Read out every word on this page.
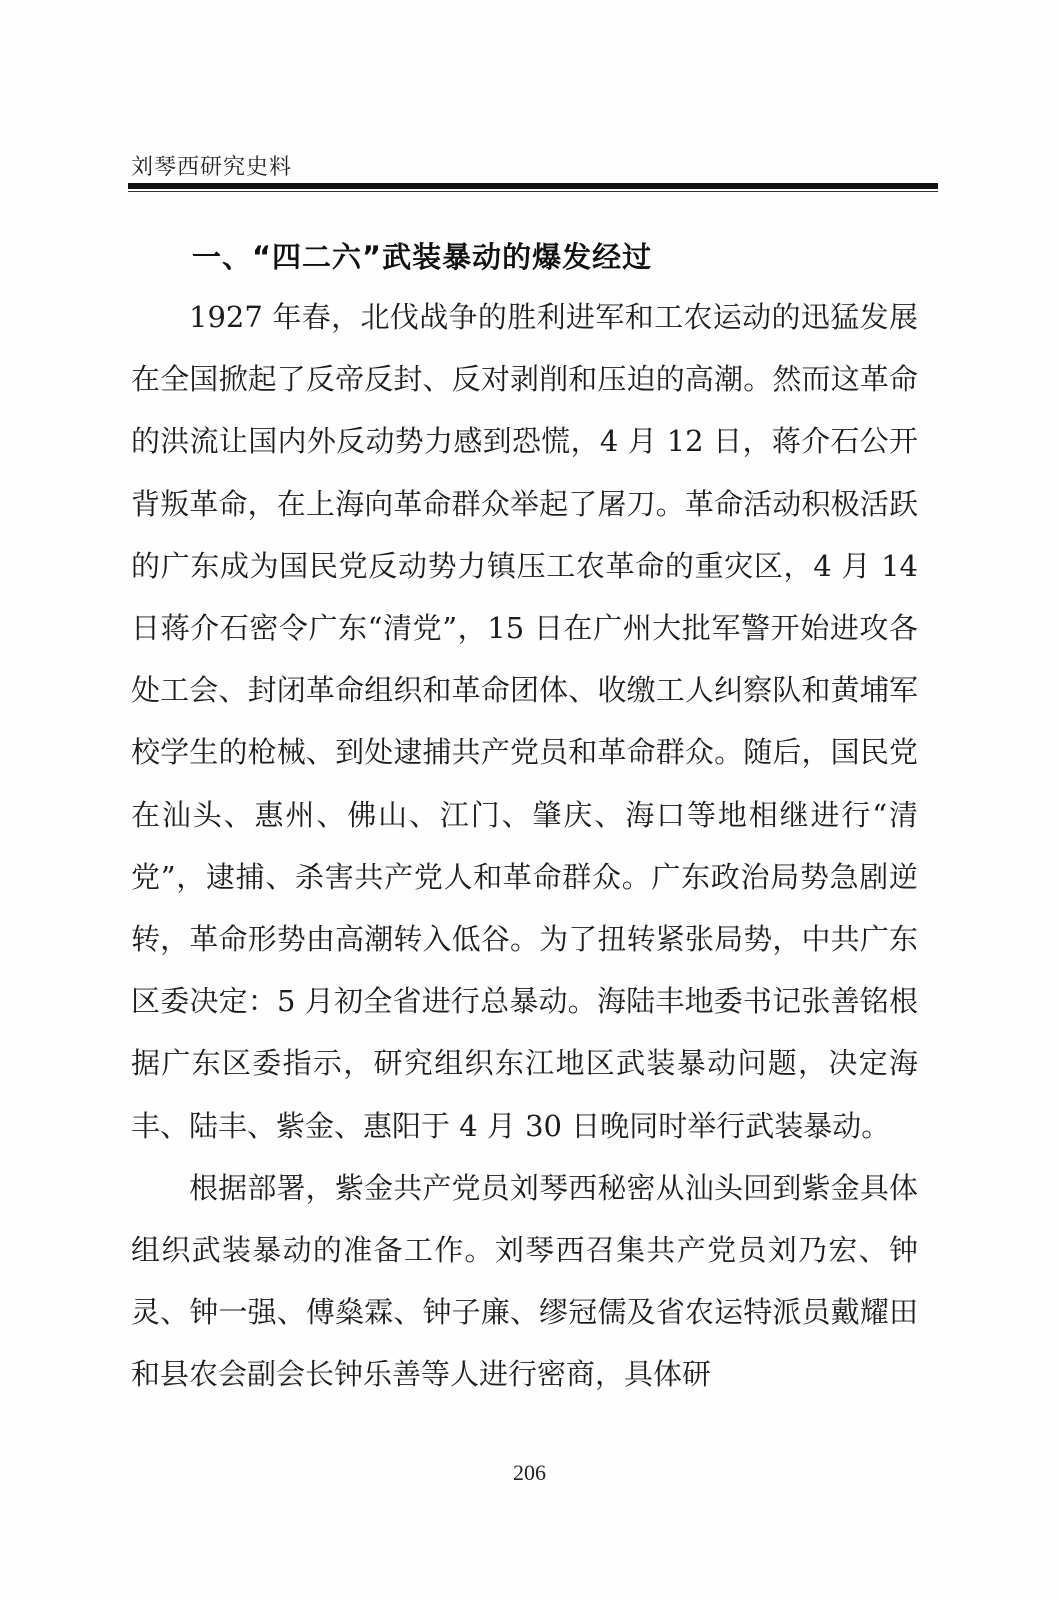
刘琴西研究史料
一、“四二六”武装暴动的爆发经过

1927 年春，北伐战争的胜利进军和工农运动的迅猛发展在全国掀起了反帝反封、反对剥削和压迫的高潮。然而这革命的洪流让国内外反动势力感到恐慌，4 月 12 日，蒋介石公开背叛革命，在上海向革命群众举起了屠刀。革命活动积极活跃的广东成为国民党反动势力镇压工农革命的重灾区，4 月 14 日蒋介石密令广东“清党”，15 日在广州大批军警开始进攻各处工会、封闭革命组织和革命团体、收缴工人纠察队和黄埔军校学生的枪械、到处逮捕共产党员和革命群众。随后，国民党在汕头、惠州、佛山、江门、肇庆、海口等地相继进行“清党”，逮捕、杀害共产党人和革命群众。广东政治局势急剧逆转，革命形势由高潮转入低谷。为了扭转紧张局势，中共广东区委决定：5 月初全省进行总暴动。海陆丰地委书记张善铭根据广东区委指示，研究组织东江地区武装暴动问题，决定海丰、陆丰、紫金、惠阳于 4 月 30 日晚同时举行武装暴动。

根据部署，紫金共产党员刘琴西秘密从汕头回到紫金具体组织武装暴动的准备工作。刘琴西召集共产党员刘乃宏、钟灵、钟一强、傅燊霖、钟子廉、缪冠儒及省农运特派员戴耀田和县农会副会长钟乐善等人进行密商，具体研

206
